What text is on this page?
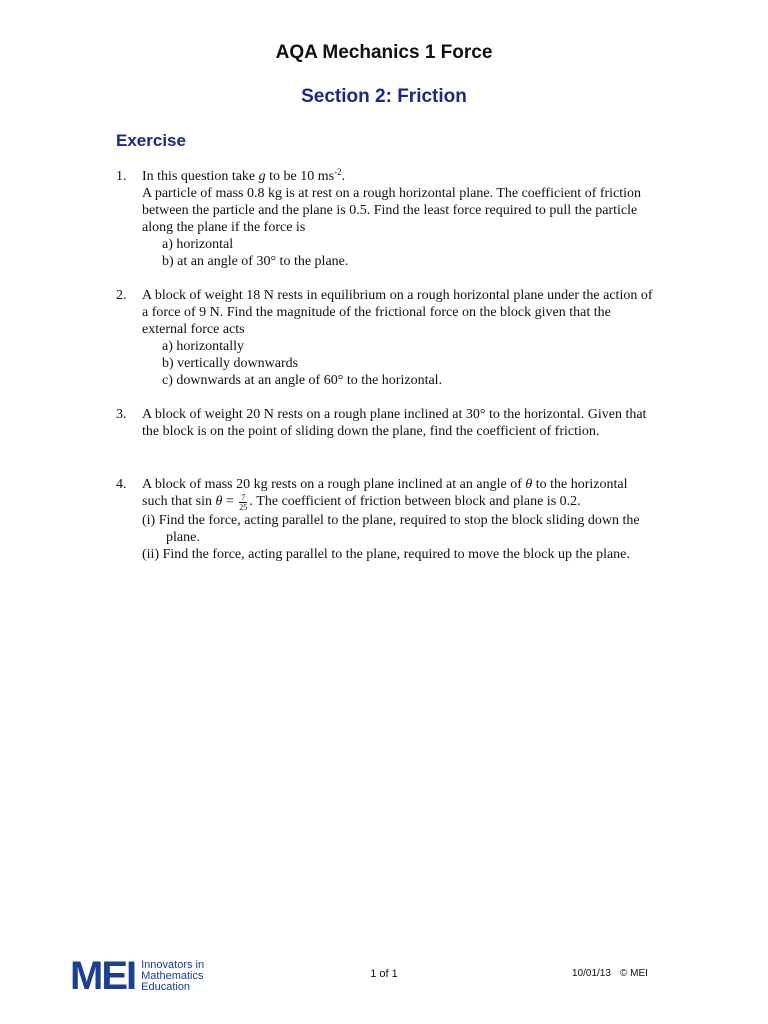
AQA Mechanics 1 Force
Section 2: Friction
Exercise
1. In this question take g to be 10 $ms^{-2}$.
A particle of mass 0.8 kg is at rest on a rough horizontal plane. The coefficient of friction between the particle and the plane is 0.5. Find the least force required to pull the particle along the plane if the force is
a) horizontal
b) at an angle of 30° to the plane.
2. A block of weight 18 N rests in equilibrium on a rough horizontal plane under the action of a force of 9 N. Find the magnitude of the frictional force on the block given that the external force acts
a) horizontally
b) vertically downwards
c) downwards at an angle of 60° to the horizontal.
3. A block of weight 20 N rests on a rough plane inclined at 30° to the horizontal. Given that the block is on the point of sliding down the plane, find the coefficient of friction.
4. A block of mass 20 kg rests on a rough plane inclined at an angle of θ to the horizontal such that $\sin \theta = \frac{7}{25}$ . The coefficient of friction between block and plane is 0.2.
(i) Find the force, acting parallel to the plane, required to stop the block sliding down the plane.
(ii) Find the force, acting parallel to the plane, required to move the block up the plane.
MEI Innovators in
Mathematics
Education
1 of 1	10/01/13 © MEI
